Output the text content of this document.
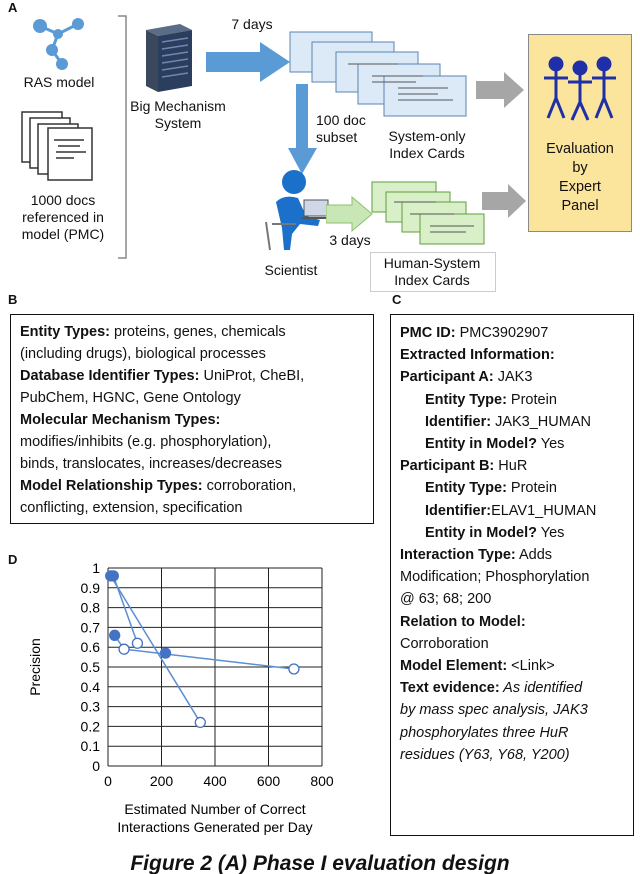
A
RAS model
1000 docs
referenced in
model (PMC)
Big Mechanism
System
7 days
System-only
Index Cards
100 doc
subset
Scientist
3 days
Human-System
Index Cards
Evaluation
by
Expert
Panel
B
Entity Types: proteins, genes, chemicals
(including drugs), biological processes
Database Identifier Types: UniProt, CheBI,
PubChem, HGNC, Gene Ontology
Molecular Mechanism Types:
modifies/inhibits (e.g. phosphorylation),
binds, translocates, increases/decreases
Model Relationship Types: corroboration,
conflicting, extension, specification
C
PMC ID: PMC3902907
Extracted Information:
Participant A: JAK3
Entity Type: Protein
Identifier: JAK3_HUMAN
Entity in Model? Yes
Participant B: HuR
Entity Type: Protein
Identifier:ELAV1_HUMAN
Entity in Model? Yes
Interaction Type: Adds
Modification; Phosphorylation
@ 63; 68; 200
Relation to Model:
Corroboration
Model Element: <Link>
Text evidence: As identified
by mass spec analysis, JAK3
phosphorylates three HuR
residues (Y63, Y68, Y200)
D
0
0.1
0.2
0.3
0.4
0.5
0.6
0.7
0.8
0.9
1
0	200 400 600 800
Precision
Estimated Number of Correct
Interactions Generated per Day
Figure 2 (A) Phase I evaluation design
